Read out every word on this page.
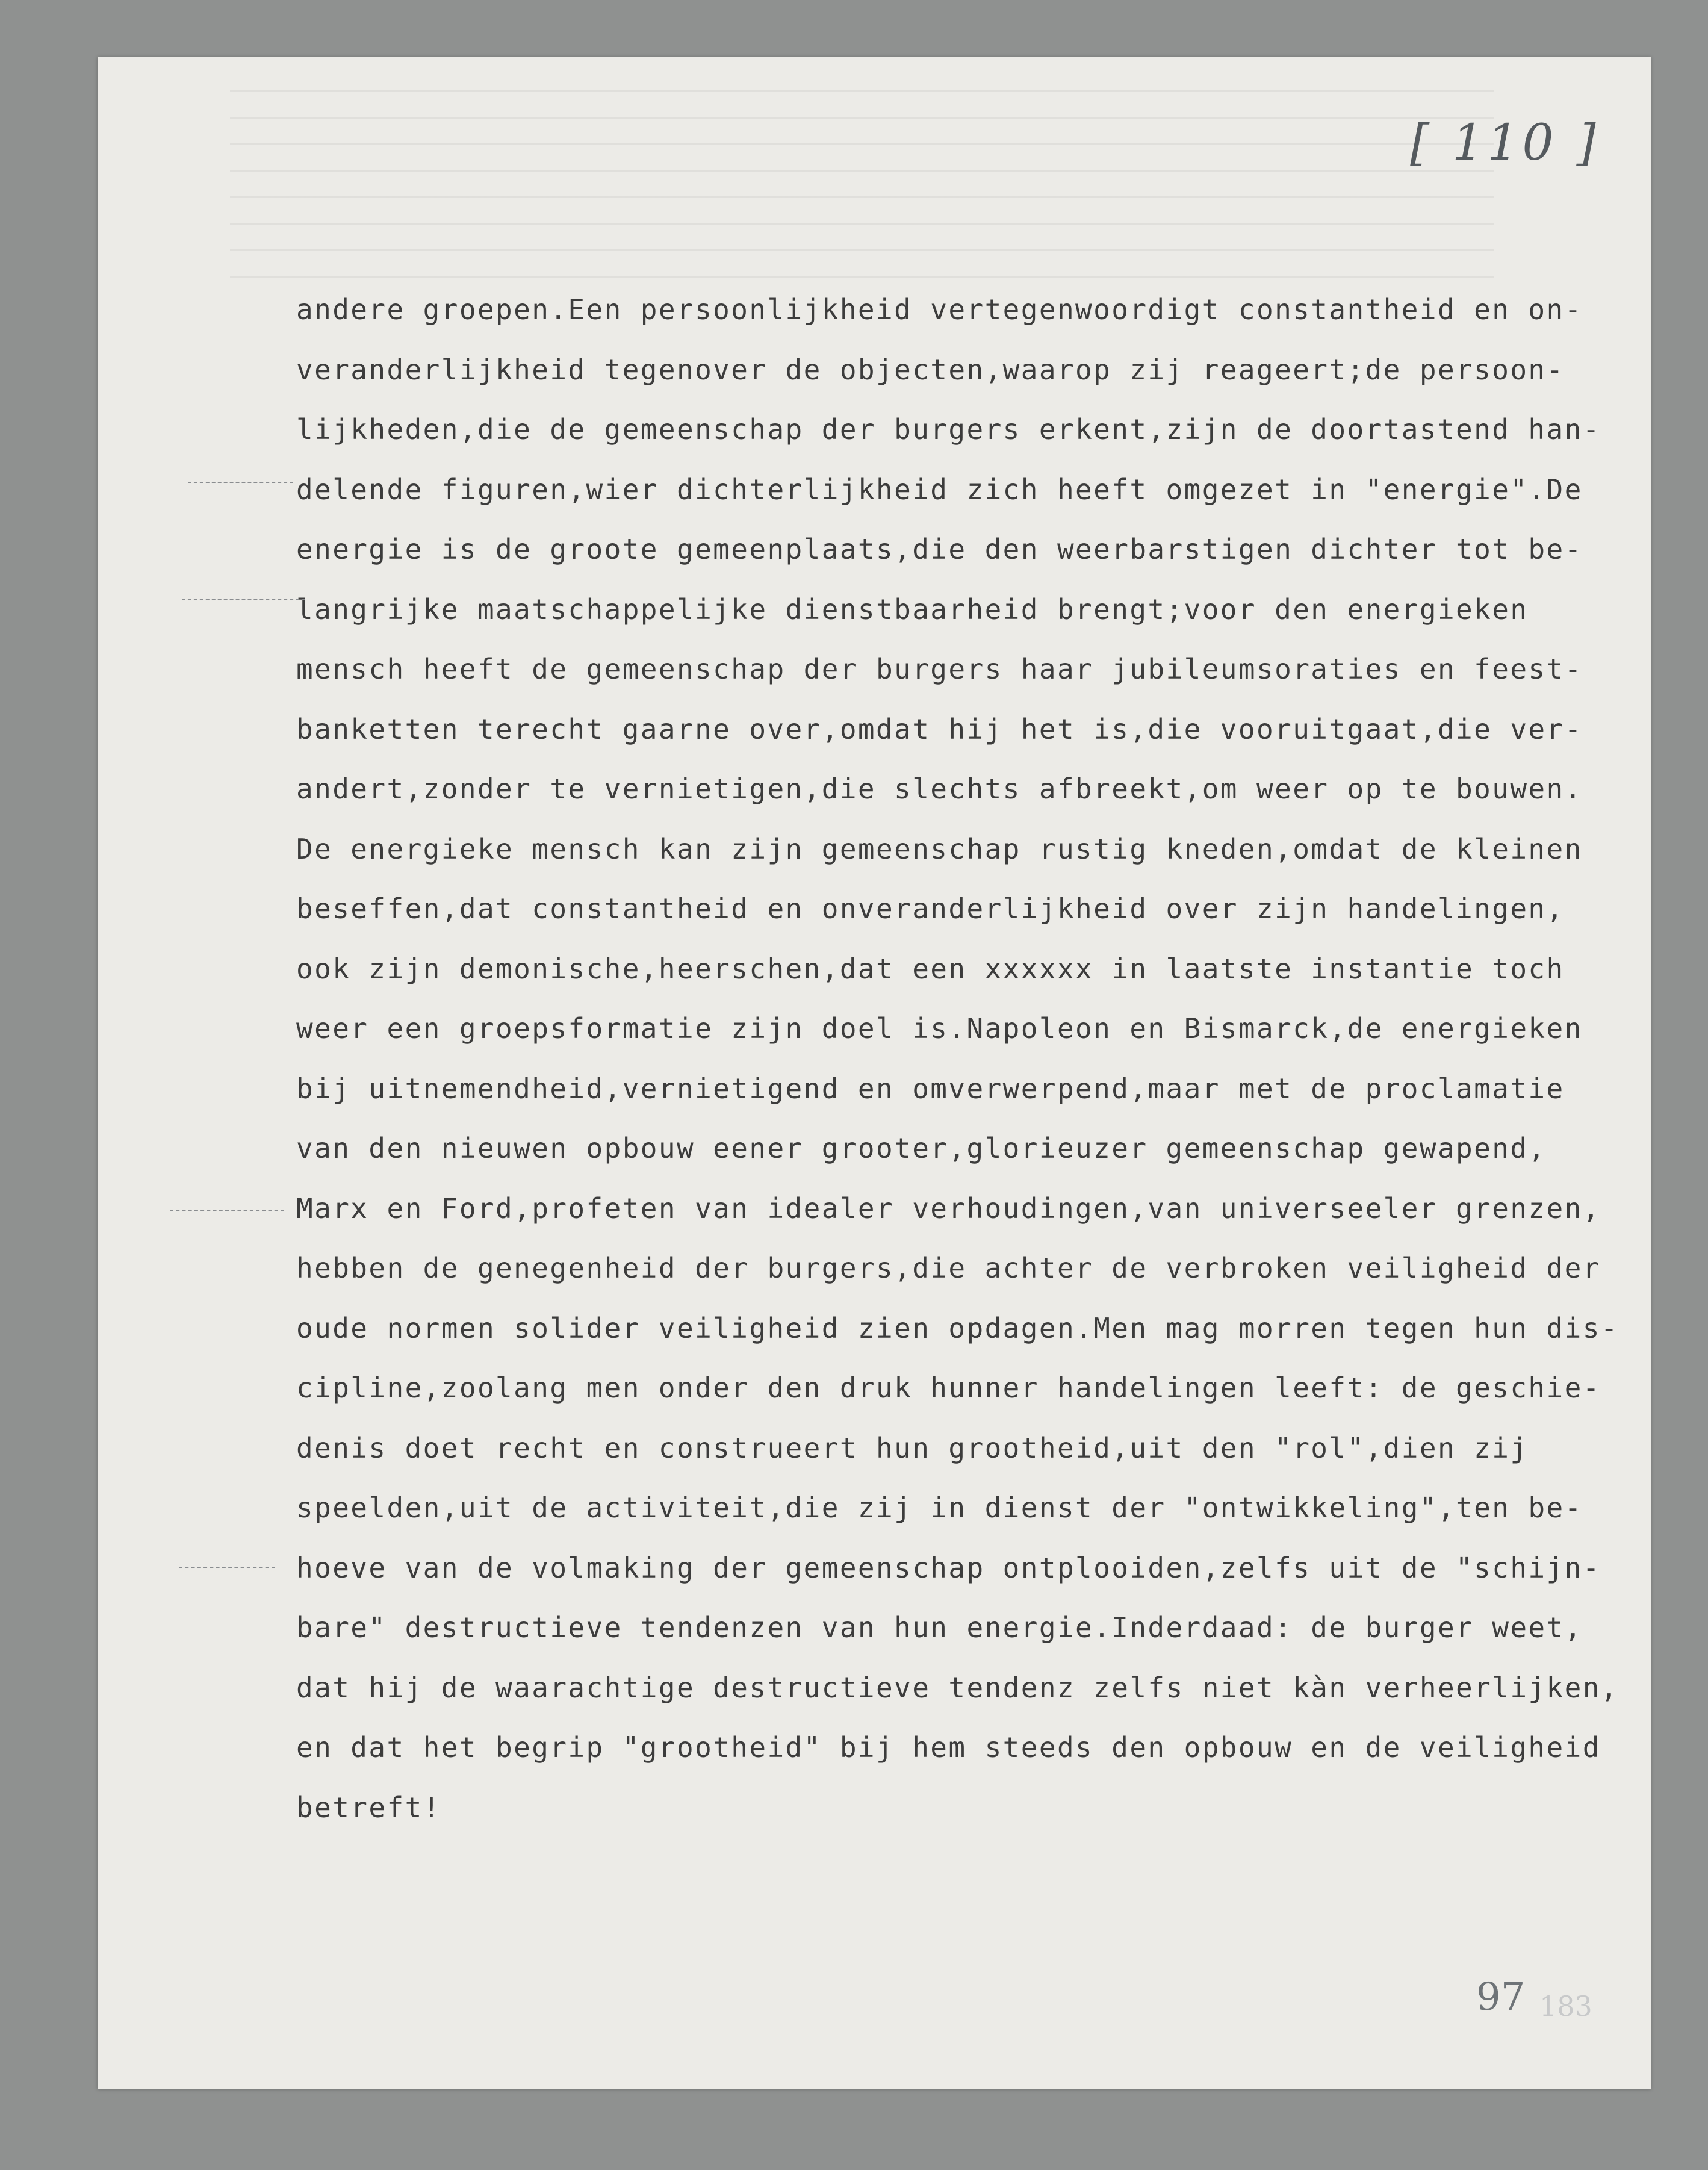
[ 110 ]
andere groepen.Een persoonlijkheid vertegenwoordigt constantheid en on-
veranderlijkheid tegenover de objecten,waarop zij reageert;de persoon-
lijkheden,die de gemeenschap der burgers erkent,zijn de doortastend han-
delende figuren,wier dichterlijkheid zich heeft omgezet in "energie".De
energie is de groote gemeenplaats,die den weerbarstigen dichter tot be-
langrijke maatschappelijke dienstbaarheid brengt;voor den energieken
mensch heeft de gemeenschap der burgers haar jubileumsoraties en feest-
banketten terecht gaarne over,omdat hij het is,die vooruitgaat,die ver-
andert,zonder te vernietigen,die slechts afbreekt,om weer op te bouwen.
De energieke mensch kan zijn gemeenschap rustig kneden,omdat de kleinen
beseffen,dat constantheid en onveranderlijkheid over zijn handelingen,
ook zijn demonische,heerschen,dat een xxxxxx in laatste instantie toch
weer een groepsformatie zijn doel is.Napoleon en Bismarck,de energieken
bij uitnemendheid,vernietigend en omverwerpend,maar met de proclamatie
van den nieuwen opbouw eener grooter,glorieuzer gemeenschap gewapend,
Marx en Ford,profeten van idealer verhoudingen,van universeeler grenzen,
hebben de genegenheid der burgers,die achter de verbroken veiligheid der
oude normen solider veiligheid zien opdagen.Men mag morren tegen hun dis-
cipline,zoolang men onder den druk hunner handelingen leeft: de geschie-
denis doet recht en construeert hun grootheid,uit den "rol",dien zij
speelden,uit de activiteit,die zij in dienst der "ontwikkeling",ten be-
hoeve van de volmaking der gemeenschap ontplooiden,zelfs uit de "schijn-
bare" destructieve tendenzen van hun energie.Inderdaad: de burger weet,
dat hij de waarachtige destructieve tendenz zelfs niet kàn verheerlijken,
en dat het begrip "grootheid" bij hem steeds den opbouw en de veiligheid
betreft!
97 183
